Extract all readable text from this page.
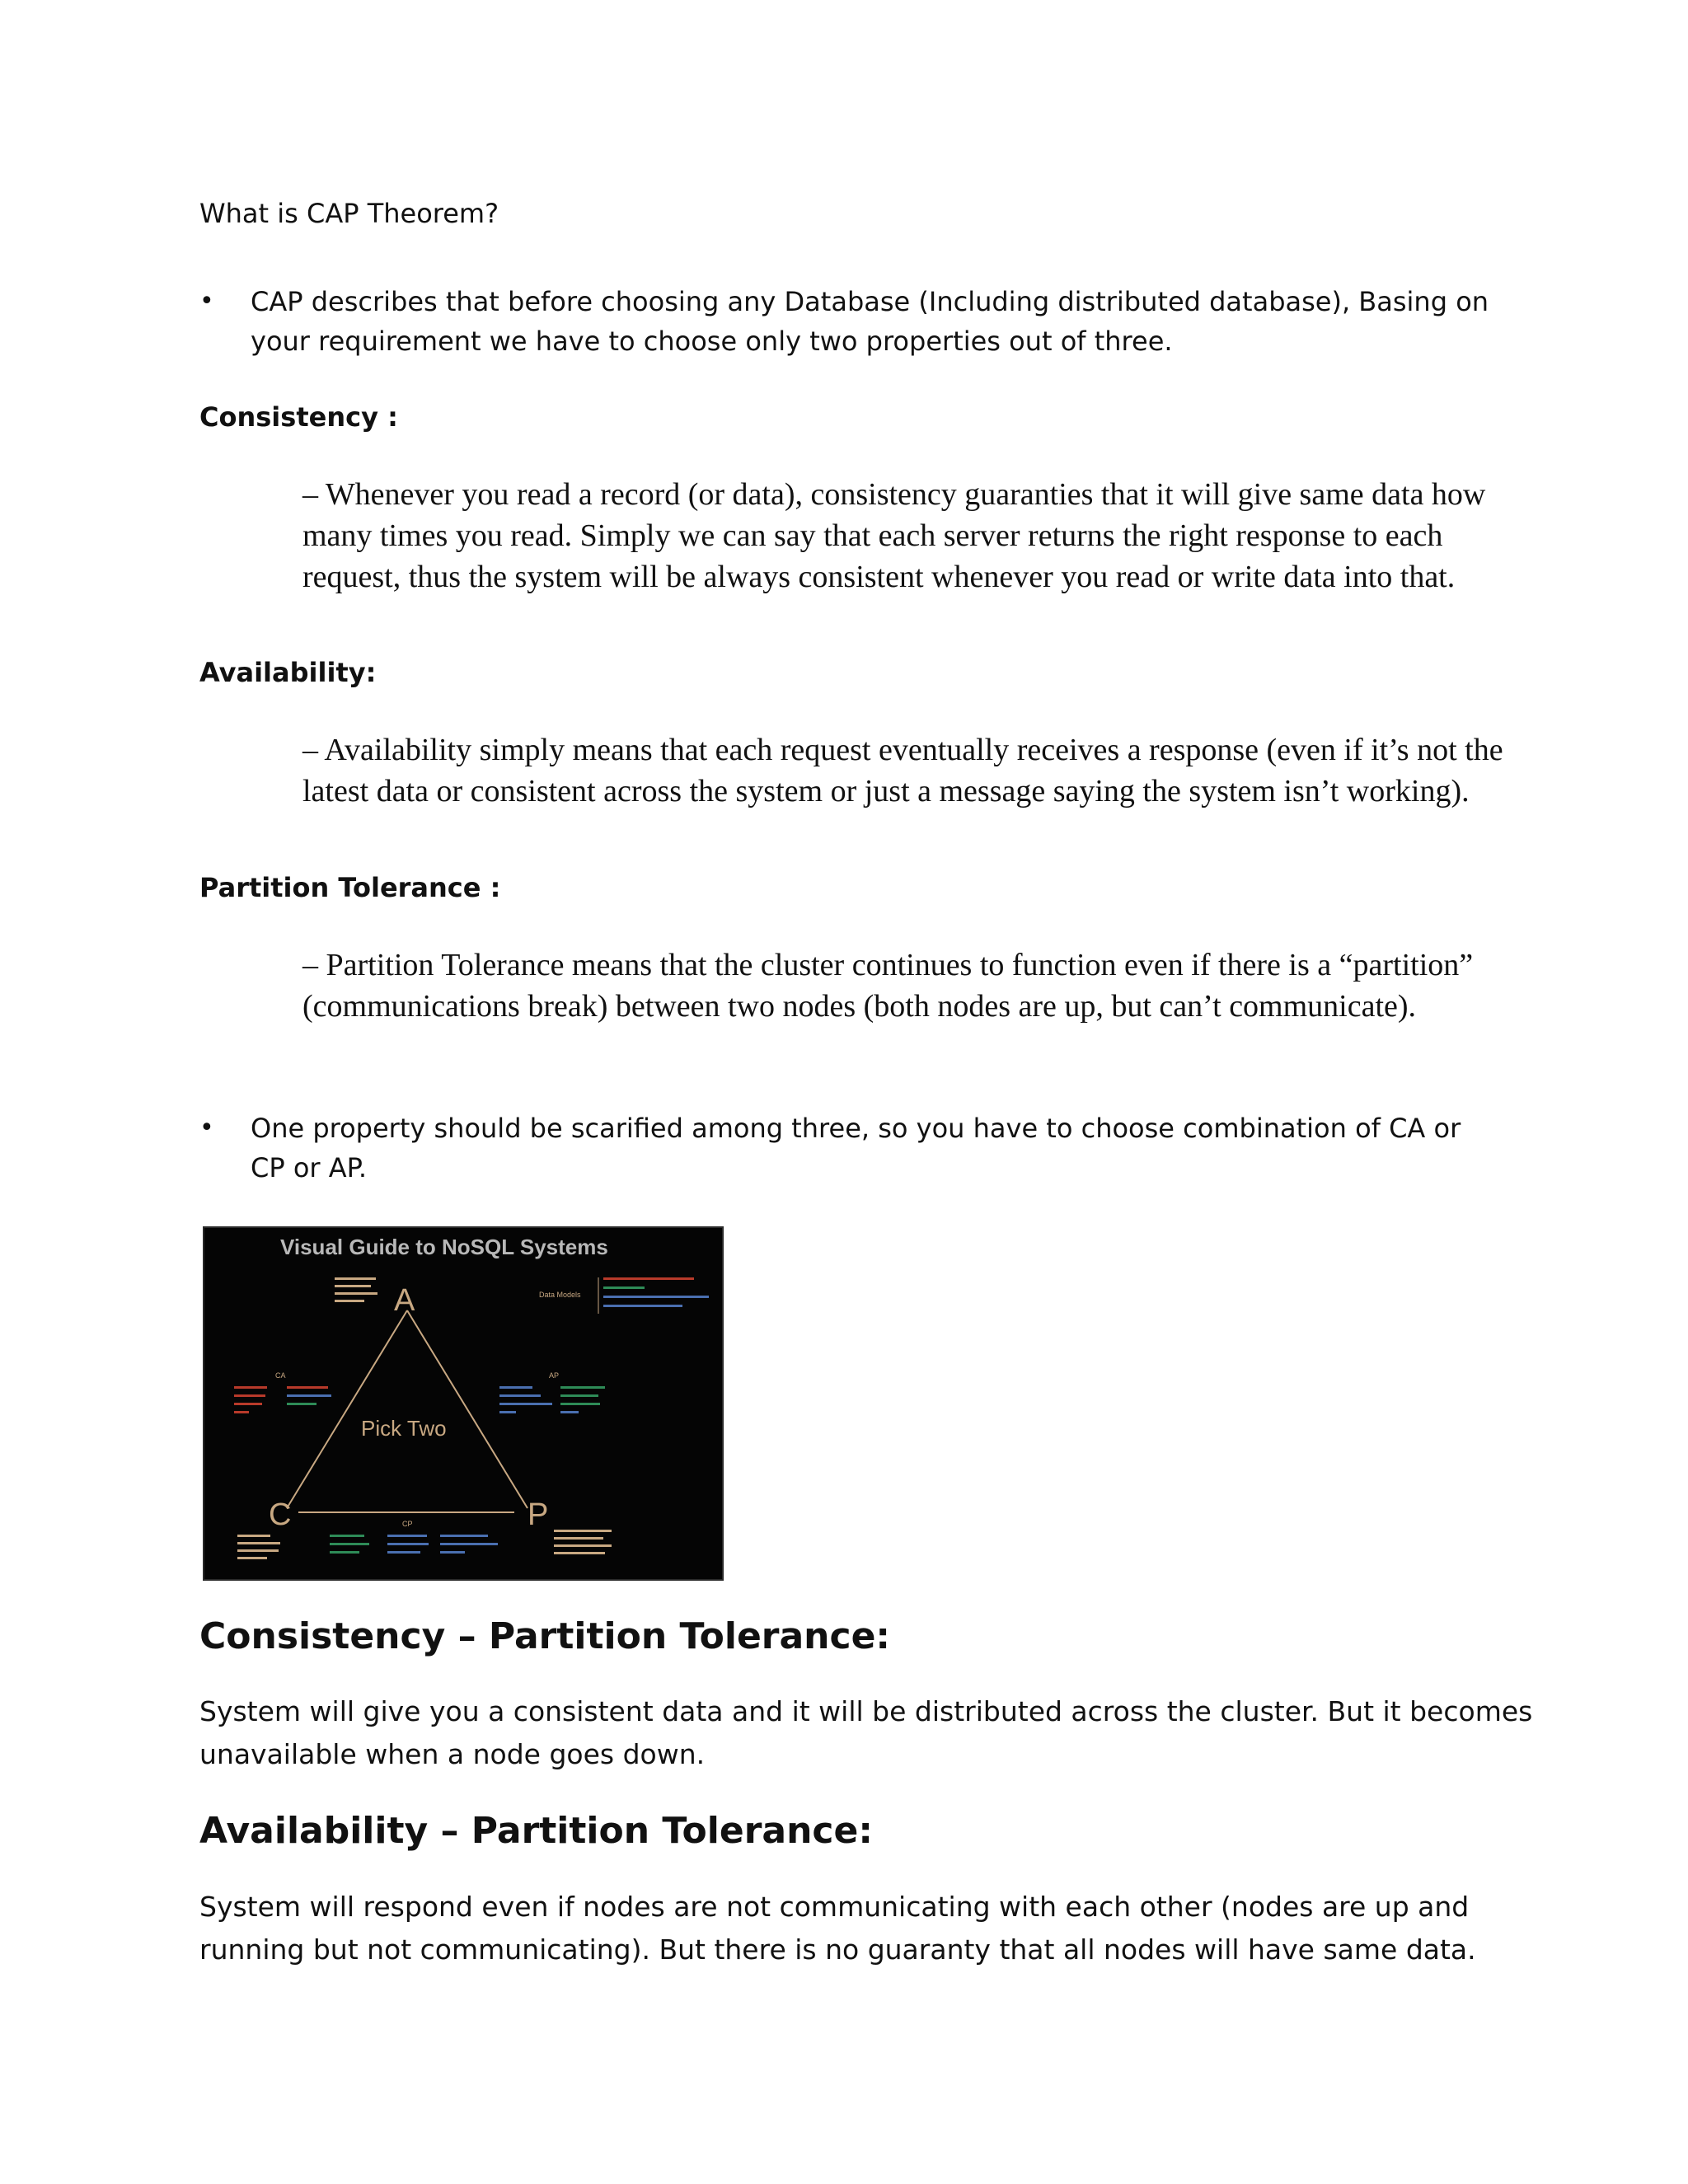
What is CAP Theorem?
• CAP describes that before choosing any Database (Including distributed database), Basing on your requirement we have to choose only two properties out of three.
Consistency :
– Whenever you read a record (or data), consistency guaranties that it will give same data how many times you read. Simply we can say that each server returns the right response to each request, thus the system will be always consistent whenever you read or write data into that.
Availability:
– Availability simply means that each request eventually receives a response (even if it’s not the latest data or consistent across the system or just a message saying the system isn’t working).
Partition Tolerance :
– Partition Tolerance means that the cluster continues to function even if there is a “partition” (communications break) between two nodes (both nodes are up, but can’t communicate).
• One property should be scarified among three, so you have to choose combination of CA or CP or AP.
Visual Guide to NoSQL Systems
A
C	P
Pick Two
CA	AP
CP
Data Models
Consistency – Partition Tolerance:
System will give you a consistent data and it will be distributed across the cluster. But it becomes unavailable when a node goes down.
Availability – Partition Tolerance:
System will respond even if nodes are not communicating with each other (nodes are up and running but not communicating). But there is no guaranty that all nodes will have same data.
